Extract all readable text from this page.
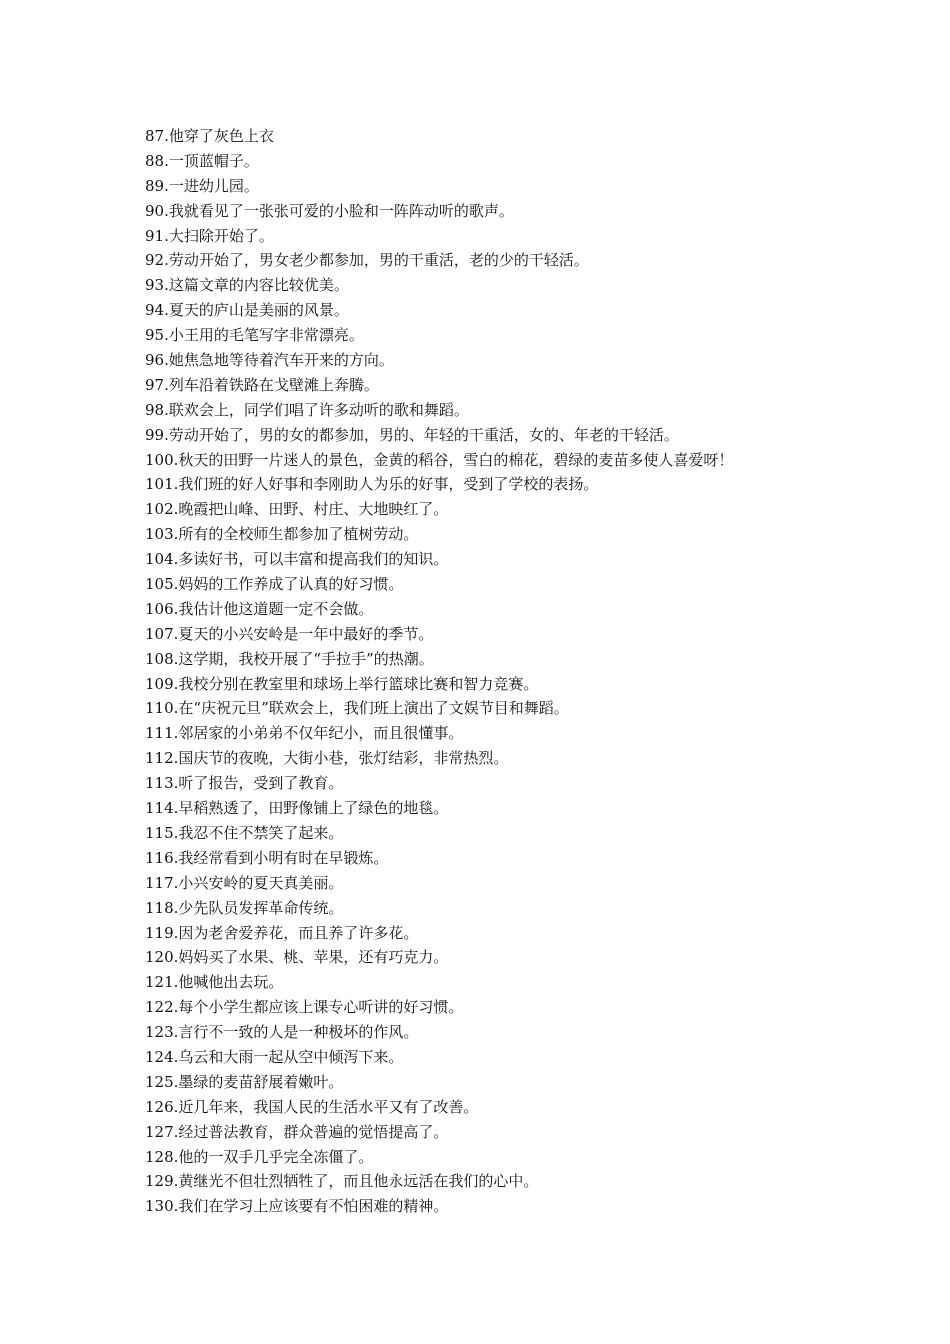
87.他穿了灰色上衣
88.一顶蓝帽子。
89.一进幼儿园。
90.我就看见了一张张可爱的小脸和一阵阵动听的歌声。
91.大扫除开始了。
92.劳动开始了，男女老少都参加，男的干重活，老的少的干轻活。
93.这篇文章的内容比较优美。
94.夏天的庐山是美丽的风景。
95.小王用的毛笔写字非常漂亮。
96.她焦急地等待着汽车开来的方向。
97.列车沿着铁路在戈壁滩上奔腾。
98.联欢会上，同学们唱了许多动听的歌和舞蹈。
99.劳动开始了，男的女的都参加，男的、年轻的干重活，女的、年老的干轻活。
100.秋天的田野一片迷人的景色，金黄的稻谷，雪白的棉花，碧绿的麦苗多使人喜爱呀！
101.我们班的好人好事和李刚助人为乐的好事，受到了学校的表扬。
102.晚霞把山峰、田野、村庄、大地映红了。
103.所有的全校师生都参加了植树劳动。
104.多读好书，可以丰富和提高我们的知识。
105.妈妈的工作养成了认真的好习惯。
106.我估计他这道题一定不会做。
107.夏天的小兴安岭是一年中最好的季节。
108.这学期，我校开展了“手拉手”的热潮。
109.我校分别在教室里和球场上举行篮球比赛和智力竞赛。
110.在“庆祝元旦”联欢会上，我们班上演出了文娱节目和舞蹈。
111.邻居家的小弟弟不仅年纪小，而且很懂事。
112.国庆节的夜晚，大街小巷，张灯结彩，非常热烈。
113.听了报告，受到了教育。
114.早稻熟透了，田野像铺上了绿色的地毯。
115.我忍不住不禁笑了起来。
116.我经常看到小明有时在早锻炼。
117.小兴安岭的夏天真美丽。
118.少先队员发挥革命传统。
119.因为老舍爱养花，而且养了许多花。
120.妈妈买了水果、桃、苹果，还有巧克力。
121.他喊他出去玩。
122.每个小学生都应该上课专心听讲的好习惯。
123.言行不一致的人是一种极坏的作风。
124.乌云和大雨一起从空中倾泻下来。
125.墨绿的麦苗舒展着嫩叶。
126.近几年来，我国人民的生活水平又有了改善。
127.经过普法教育，群众普遍的觉悟提高了。
128.他的一双手几乎完全冻僵了。
129.黄继光不但壮烈牺牲了，而且他永远活在我们的心中。
130.我们在学习上应该要有不怕困难的精神。
